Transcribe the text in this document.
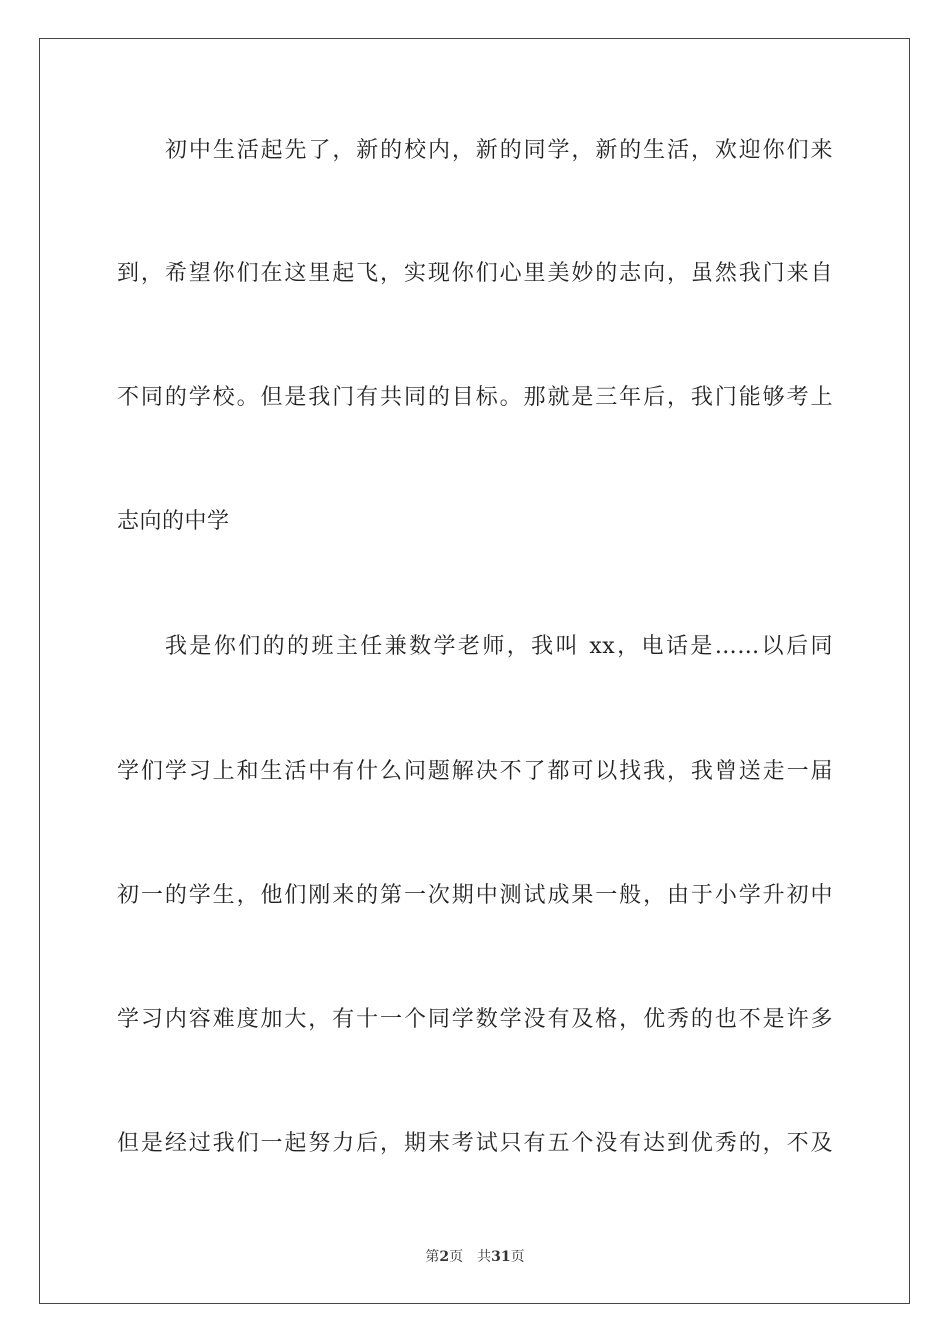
初中生活起先了，新的校内，新的同学，新的生活，欢迎你们来
到，希望你们在这里起飞，实现你们心里美妙的志向，虽然我门来自
不同的学校。但是我门有共同的目标。那就是三年后，我门能够考上
志向的中学
我是你们的的班主任兼数学老师，我叫 xx，电话是……以后同
学们学习上和生活中有什么问题解决不了都可以找我，我曾送走一届
初一的学生，他们刚来的第一次期中测试成果一般，由于小学升初中
学习内容难度加大，有十一个同学数学没有及格，优秀的也不是许多
但是经过我们一起努力后，期末考试只有五个没有达到优秀的，不及
第2页 共31页
